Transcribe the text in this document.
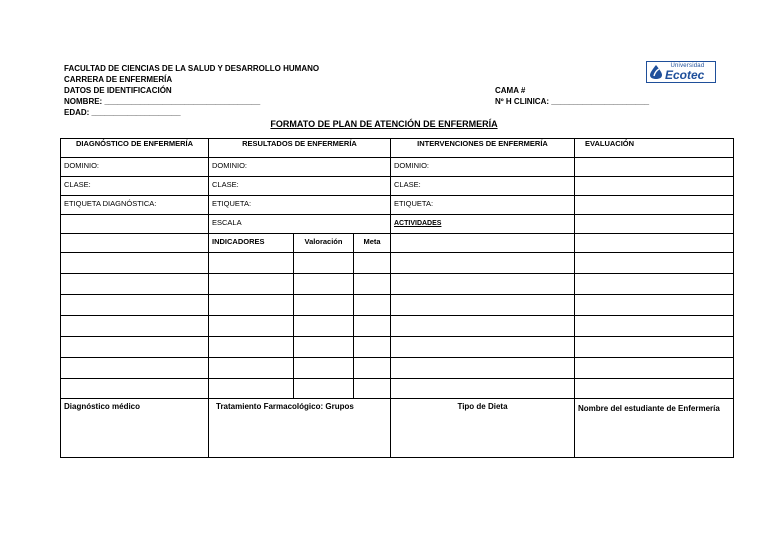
FACULTAD DE CIENCIAS DE LA SALUD Y DESARROLLO HUMANO
CARRERA DE ENFERMERÍA
DATOS DE IDENTIFICACIÓN
NOMBRE: ___________________________________
EDAD: ____________________
CAMA #
Nº H CLINICA: ______________________
Universidad
Ecotec
FORMATO DE PLAN DE ATENCIÓN DE ENFERMERÍA
DIAGNÓSTICO DE ENFERMERÍA	RESULTADOS DE ENFERMERÍA			INTERVENCIONES DE ENFERMERÍA	EVALUACIÓN
DOMINIO:	DOMINIO:			DOMINIO:	
CLASE:	CLASE:			CLASE:	
ETIQUETA DIAGNÓSTICA:	ETIQUETA:			ETIQUETA:	
	ESCALA			ACTIVIDADES	
	INDICADORES	Valoración	Meta		

Diagnóstico médico	Tratamiento Farmacológico: Grupos			Tipo de Dieta	Nombre del estudiante de Enfermería
